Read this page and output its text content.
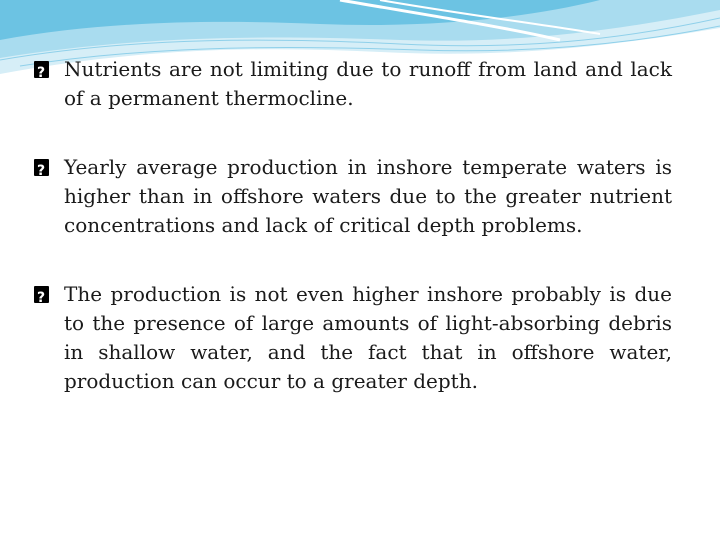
?
Nutrients are not limiting due to runoff from land and lack of a permanent thermocline.
?
Yearly average production in inshore temperate waters is higher than in offshore waters due to the greater nutrient concentrations and lack of critical depth problems.
?
The production is not even higher inshore probably is due to the presence of large amounts of light-absorbing debris in shallow water, and the fact that in offshore water, production can occur to a greater depth.
